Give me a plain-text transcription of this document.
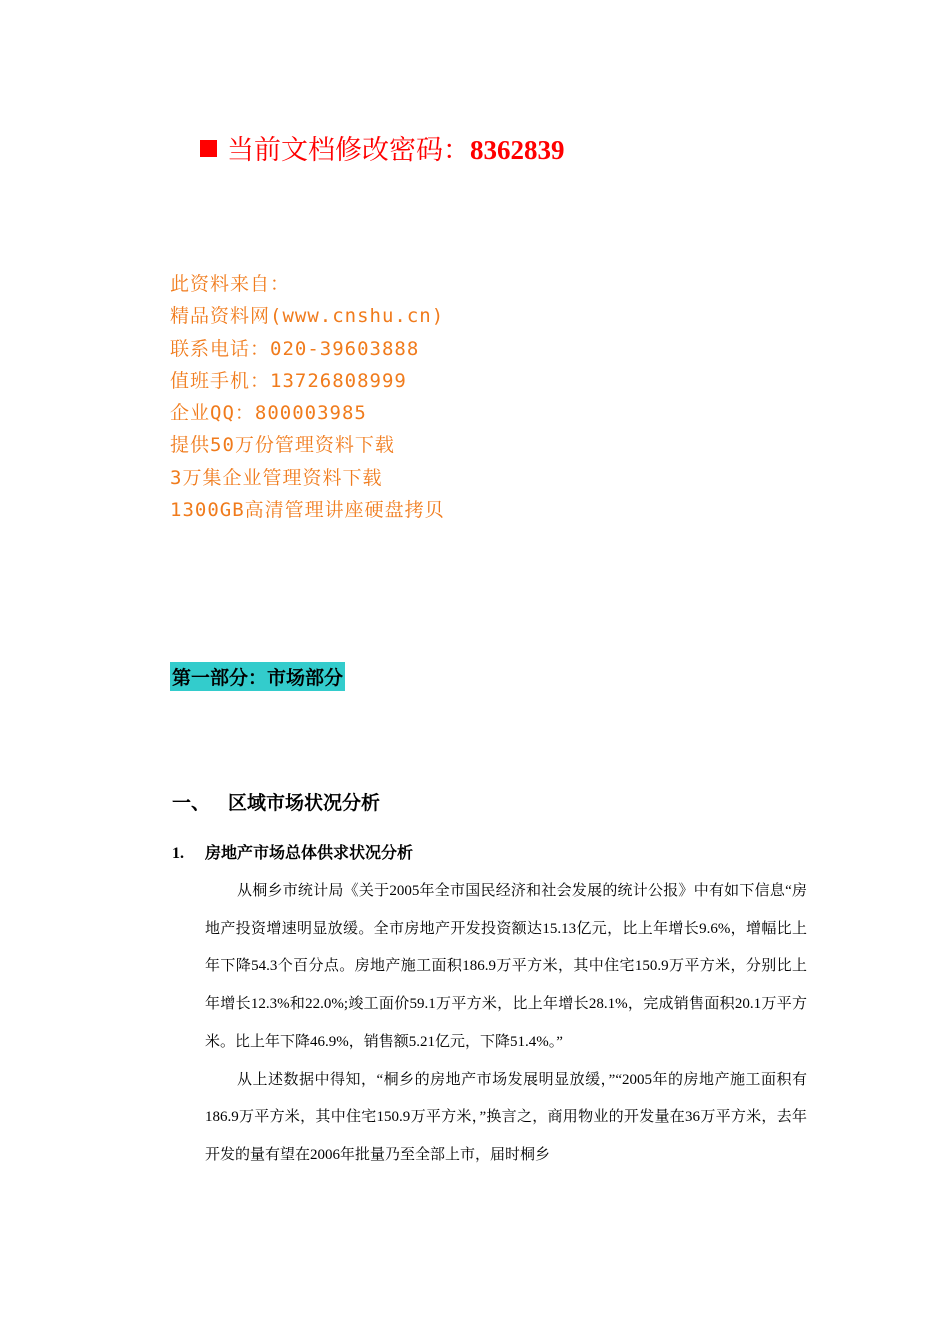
当前文档修改密码：8362839
此资料来自：
精品资料网(www.cnshu.cn)
联系电话：020-39603888
值班手机：13726808999
企业QQ：800003985
提供50万份管理资料下载
3万集企业管理资料下载
1300GB高清管理讲座硬盘拷贝
第一部分：市场部分
一、 区域市场状况分析
1. 房地产市场总体供求状况分析

从桐乡市统计局《关于2005年全市国民经济和社会发展的统计公报》中有如下信息“房地产投资增速明显放缓。全市房地产开发投资额达15.13亿元，比上年增长9.6%，增幅比上年下降54.3个百分点。房地产施工面积186.9万平方米，其中住宅150.9万平方米，分别比上年增长12.3%和22.0%;竣工面价59.1万平方米，比上年增长28.1%，完成销售面积20.1万平方米。比上年下降46.9%，销售额5.21亿元，下降51.4%。”

从上述数据中得知，“桐乡的房地产市场发展明显放缓，”“2005年的房地产施工面积有186.9万平方米，其中住宅150.9万平方米，”换言之，商用物业的开发量在36万平方米，去年开发的量有望在2006年批量乃至全部上市，届时桐乡
